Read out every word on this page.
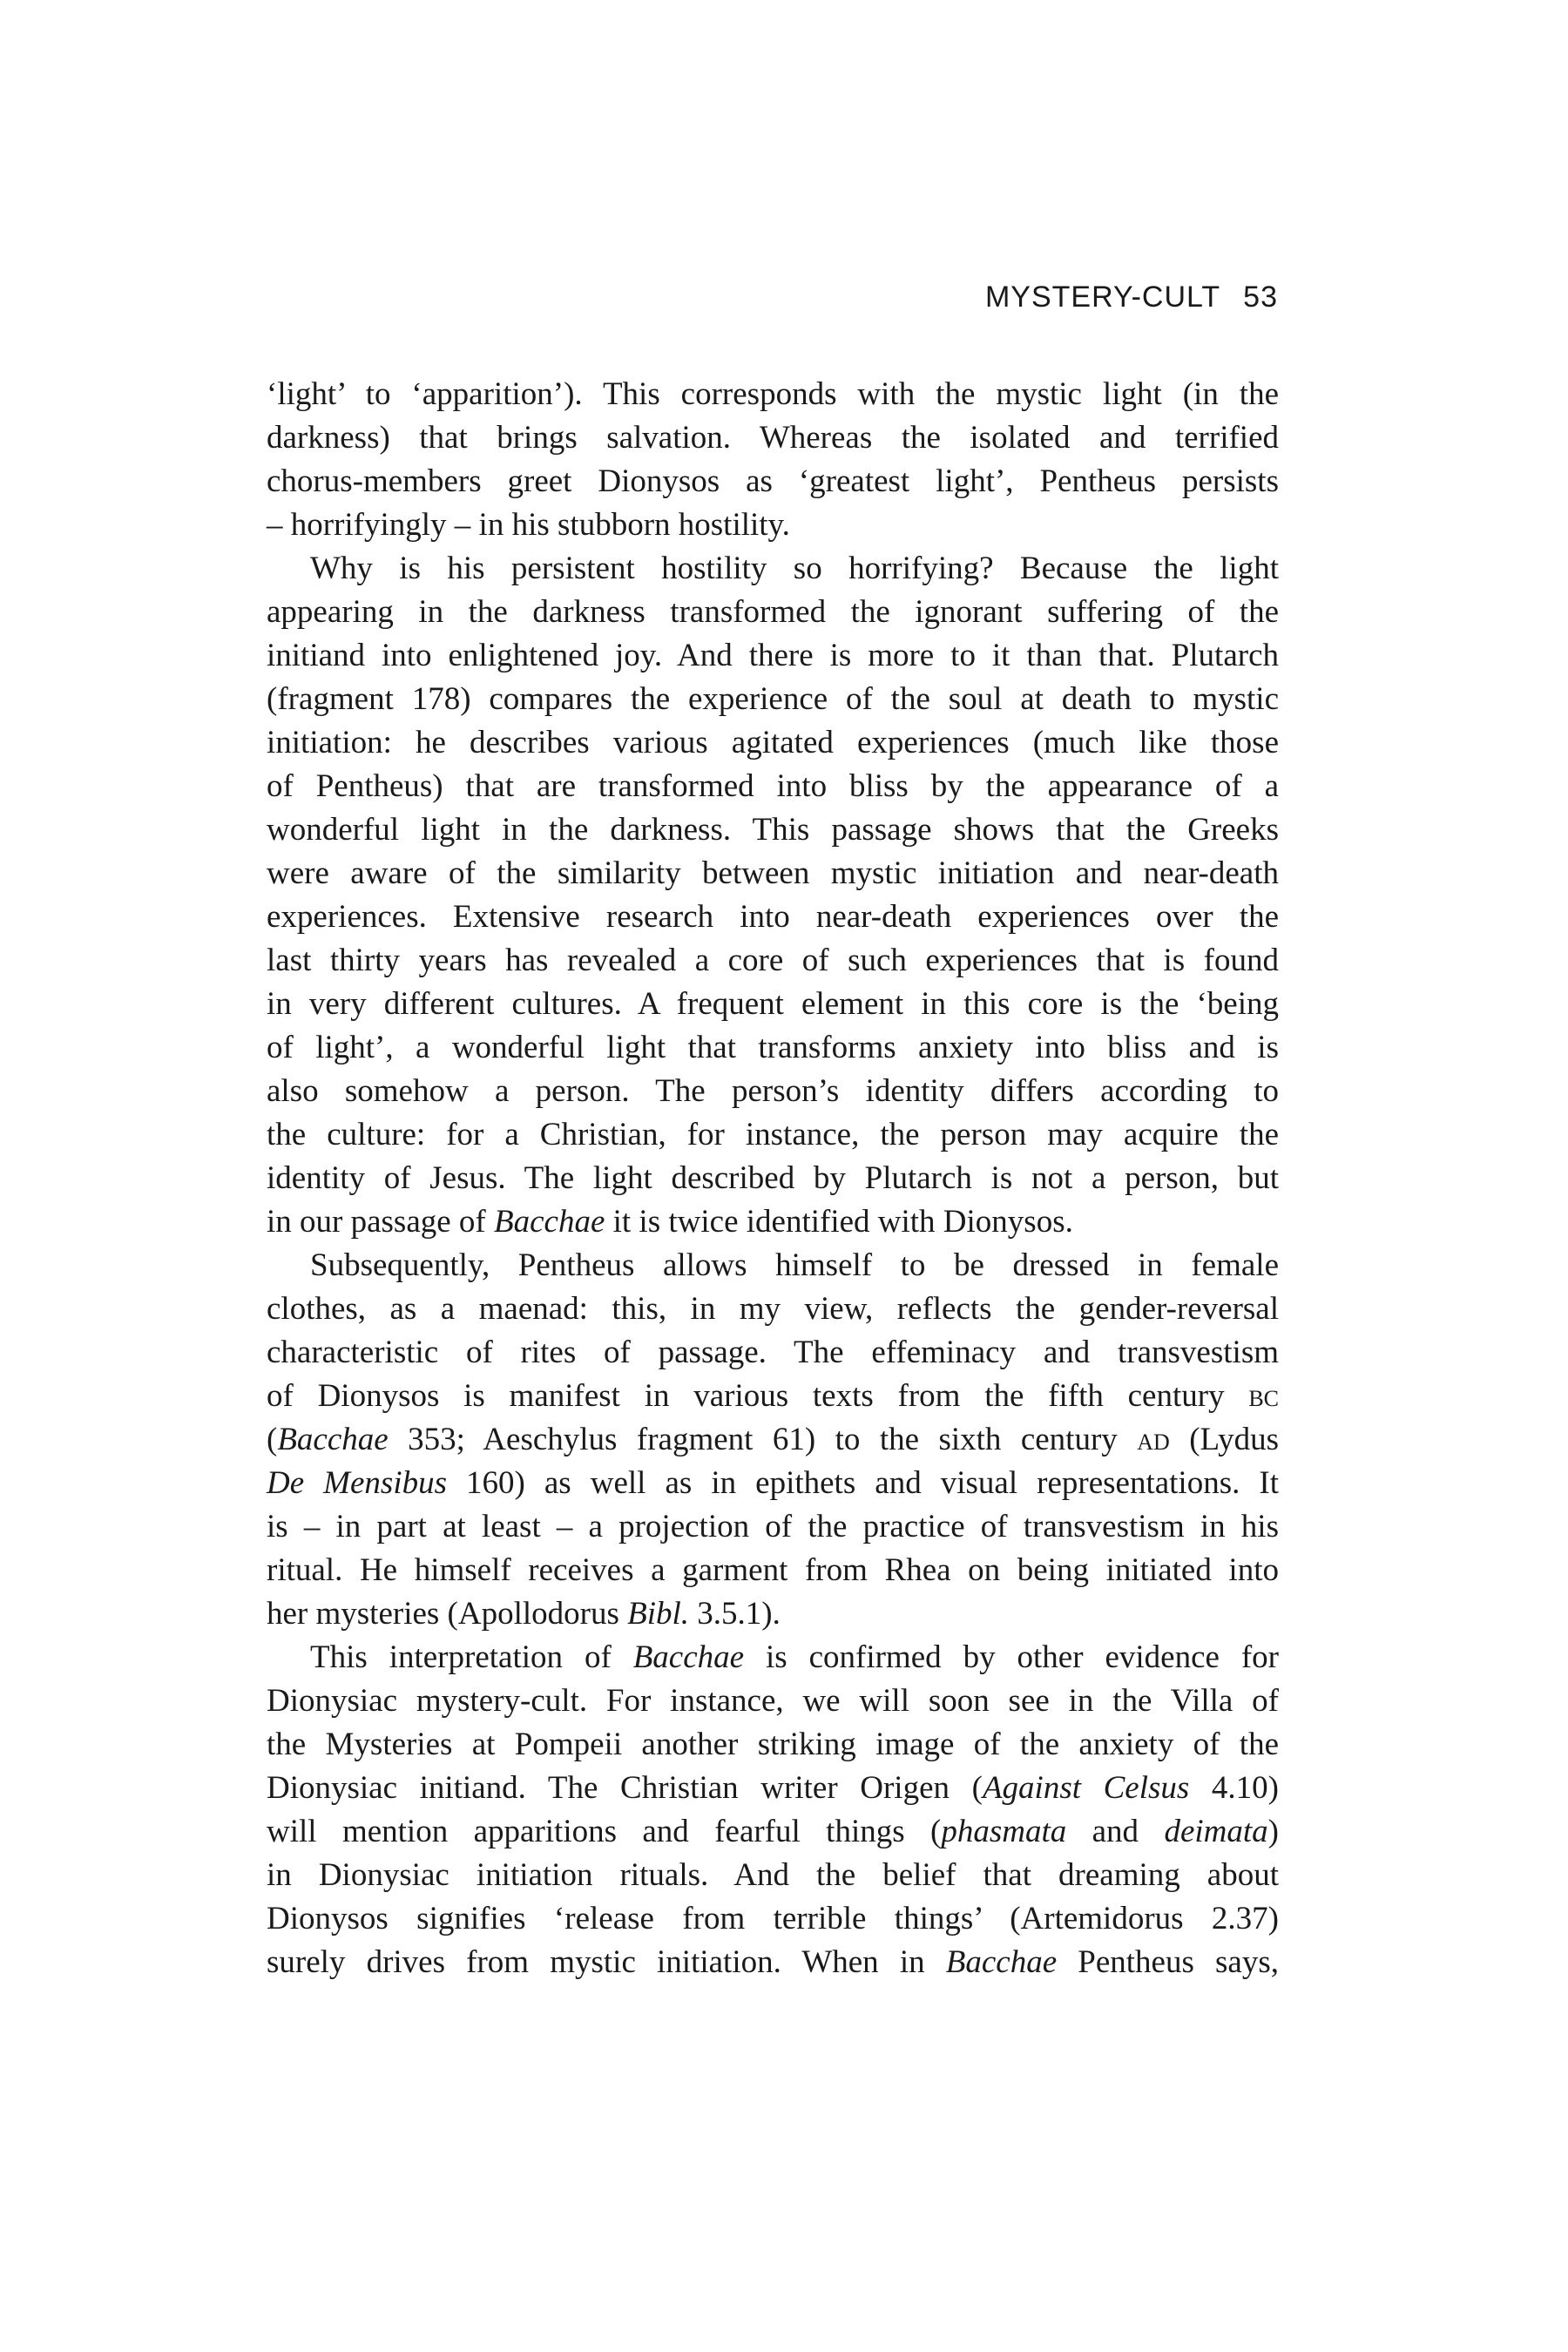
MYSTERY-CULT 53
‘light’ to ‘apparition’). This corresponds with the mystic light (in the
darkness) that brings salvation. Whereas the isolated and terrified
chorus-members greet Dionysos as ‘greatest light’, Pentheus persists
– horrifyingly – in his stubborn hostility.
Why is his persistent hostility so horrifying? Because the light
appearing in the darkness transformed the ignorant suffering of the
initiand into enlightened joy. And there is more to it than that. Plutarch
(fragment 178) compares the experience of the soul at death to mystic
initiation: he describes various agitated experiences (much like those
of Pentheus) that are transformed into bliss by the appearance of a
wonderful light in the darkness. This passage shows that the Greeks
were aware of the similarity between mystic initiation and near-death
experiences. Extensive research into near-death experiences over the
last thirty years has revealed a core of such experiences that is found
in very different cultures. A frequent element in this core is the ‘being
of light’, a wonderful light that transforms anxiety into bliss and is
also somehow a person. The person’s identity differs according to
the culture: for a Christian, for instance, the person may acquire the
identity of Jesus. The light described by Plutarch is not a person, but
in our passage of Bacchae it is twice identified with Dionysos.
Subsequently, Pentheus allows himself to be dressed in female
clothes, as a maenad: this, in my view, reflects the gender-reversal
characteristic of rites of passage. The effeminacy and transvestism
of Dionysos is manifest in various texts from the fifth century bc
(Bacchae 353; Aeschylus fragment 61) to the sixth century ad (Lydus
De Mensibus 160) as well as in epithets and visual representations. It
is – in part at least – a projection of the practice of transvestism in his
ritual. He himself receives a garment from Rhea on being initiated into
her mysteries (Apollodorus Bibl. 3.5.1).
This interpretation of Bacchae is confirmed by other evidence for
Dionysiac mystery-cult. For instance, we will soon see in the Villa of
the Mysteries at Pompeii another striking image of the anxiety of the
Dionysiac initiand. The Christian writer Origen (Against Celsus 4.10)
will mention apparitions and fearful things (phasmata and deimata)
in Dionysiac initiation rituals. And the belief that dreaming about
Dionysos signifies ‘release from terrible things’ (Artemidorus 2.37)
surely drives from mystic initiation. When in Bacchae Pentheus says,
